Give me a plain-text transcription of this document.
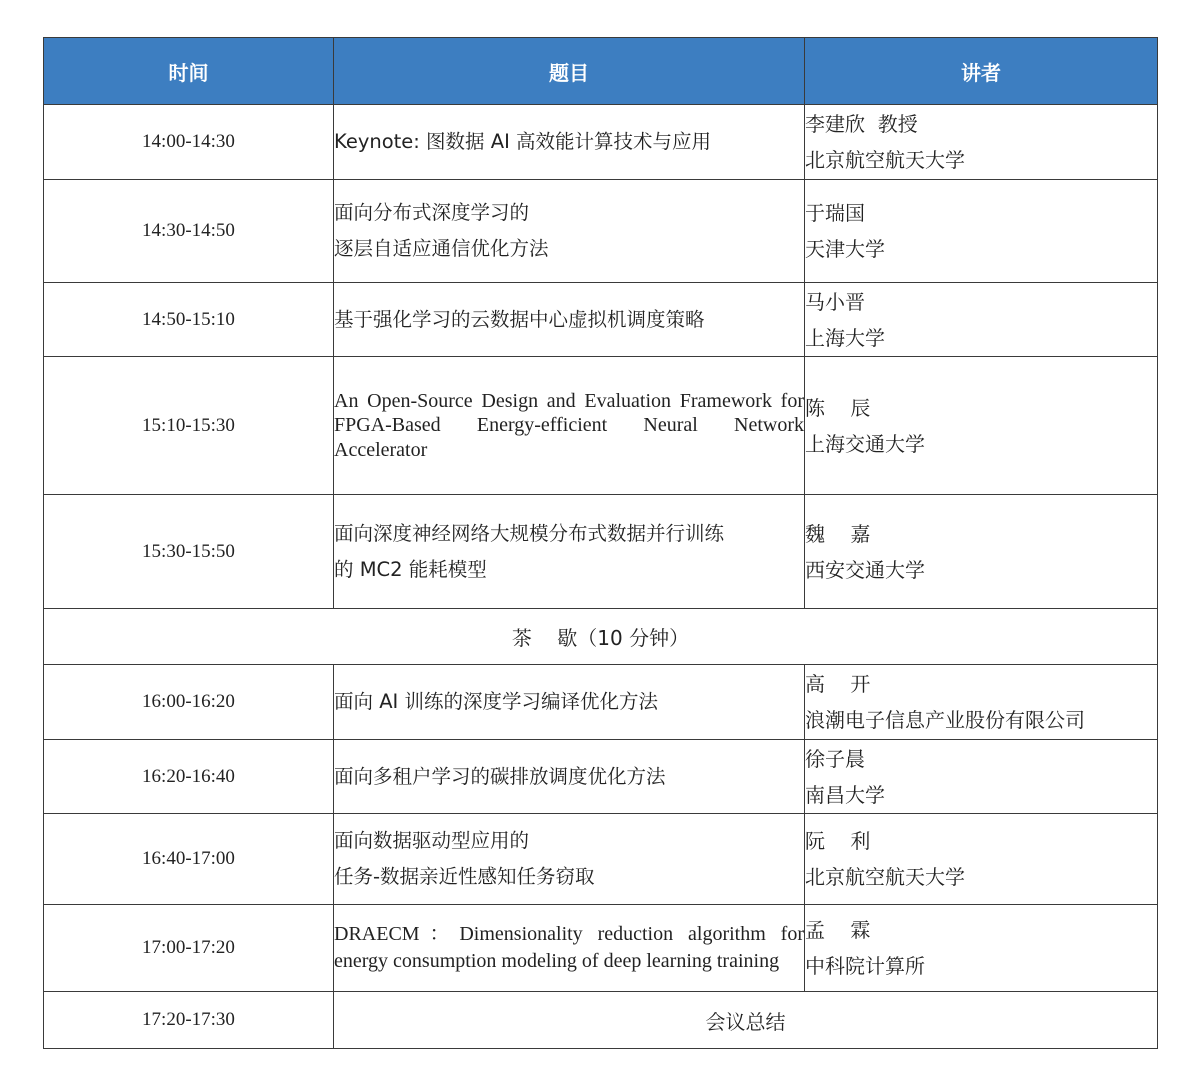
时间	题目	讲者
14:00-14:30	Keynote: 图数据 AI 高效能计算技术与应用	李建欣  教授
北京航空航天大学

14:30-14:50	面向分布式深度学习的
逐层自适应通信优化方法	于瑞国
天津大学

14:50-15:10	基于强化学习的云数据中心虚拟机调度策略	马小晋
上海大学

15:10-15:30	An Open-Source Design and Evaluation Framework for FPGA-Based Energy-efficient Neural Network Accelerator	陈    辰
上海交通大学

15:30-15:50	面向深度神经网络大规模分布式数据并行训练
的 MC2 能耗模型	魏    嘉
西安交通大学

茶    歇（10 分钟）		
16:00-16:20	面向 AI 训练的深度学习编译优化方法	高    开
浪潮电子信息产业股份有限公司

16:20-16:40	面向多租户学习的碳排放调度优化方法	徐子晨
南昌大学

16:40-17:00	面向数据驱动型应用的
任务-数据亲近性感知任务窃取	阮    利
北京航空航天大学

17:00-17:20	DRAECM：Dimensionality reduction algorithm for energy consumption modeling of deep learning training	孟    霖
中科院计算所

17:20-17:30	会议总结	
